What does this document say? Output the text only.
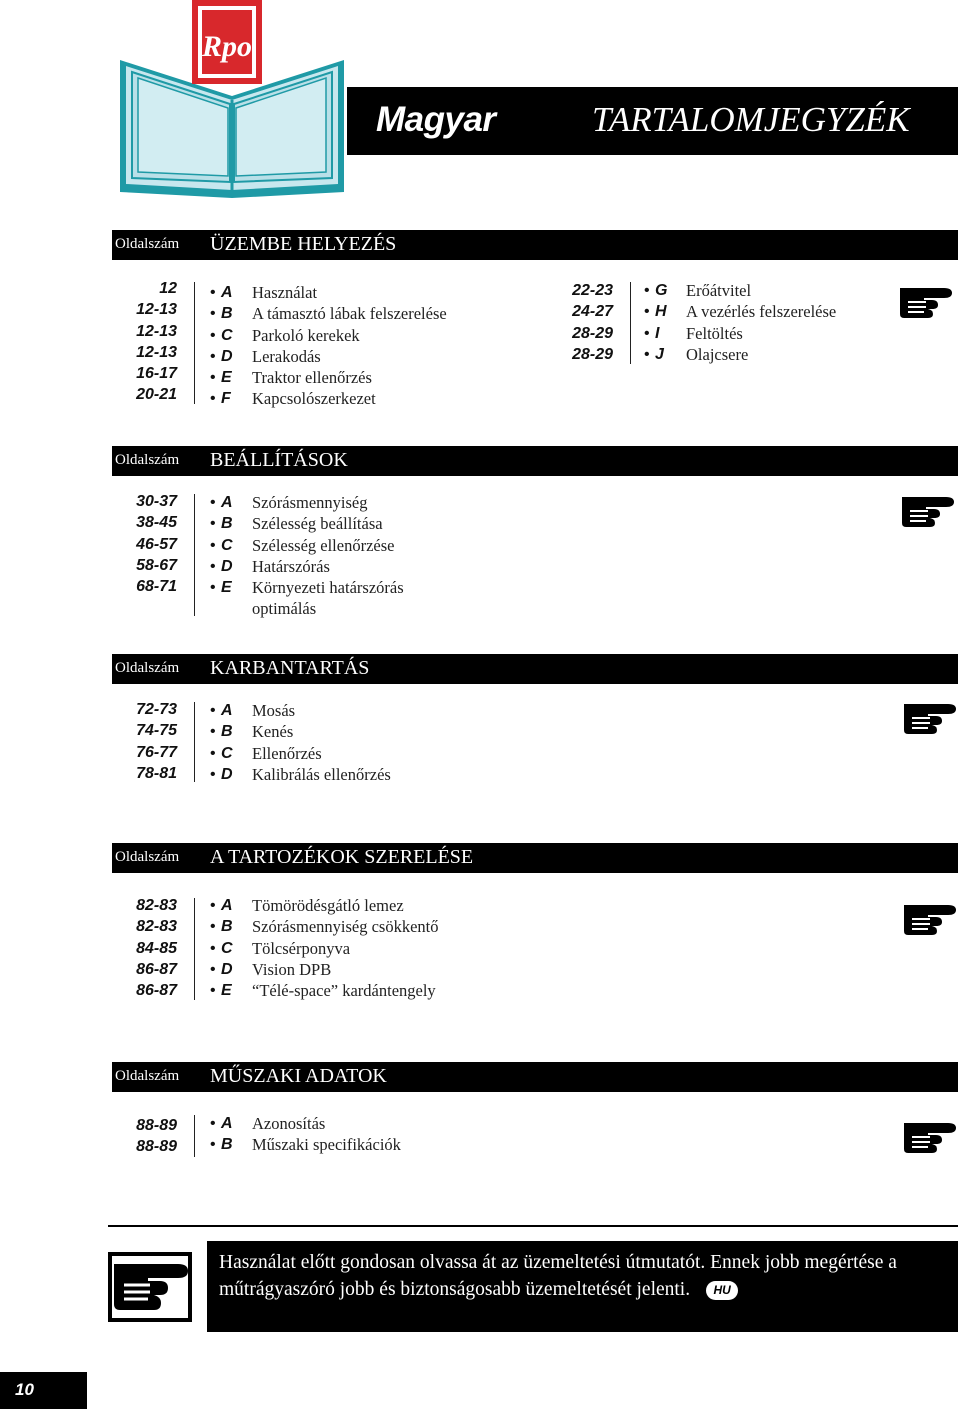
Rpo
Magyar	TARTALOMJEGYZÉK
Oldalszám ÜZEMBE HELYEZÉS
12
12-13
12-13
12-13
16-17
20-21
• A Használat
• B A támasztó lábak felszerelése
• C Parkoló kerekek
• D Lerakodás
• E Traktor ellenőrzés
• F Kapcsolószerkezet
22-23
24-27
28-29
28-29
• G Erőátvitel
• H A vezérlés felszerelése
• I Feltöltés
• J Olajcsere
Oldalszám BEÁLLÍTÁSOK
30-37
38-45
46-57
58-67
68-71
• A Szórásmennyiség
• B Szélesség beállítása
• C Szélesség ellenőrzése
• D Határszórás
• E Környezeti határszórás
optimálás
Oldalszám KARBANTARTÁS
72-73
74-75
76-77
78-81
• A Mosás
• B Kenés
• C Ellenőrzés
• D Kalibrálás ellenőrzés
Oldalszám A TARTOZÉKOK SZERELÉSE
82-83
82-83
84-85
86-87
86-87
• A Tömörödésgátló lemez
• B Szórásmennyiség csökkentő
• C Tölcsérponyva
• D Vision DPB
• E “Télé-space” kardántengely
Oldalszám MŰSZAKI ADATOK
88-89
88-89
• A Azonosítás
• B Műszaki specifikációk
Használat előtt gondosan olvassa át az üzemeltetési útmutatót. Ennek jobb megértése a műtrágyaszóró jobb és biztonságosabb üzemeltetését jelenti. HU
10
